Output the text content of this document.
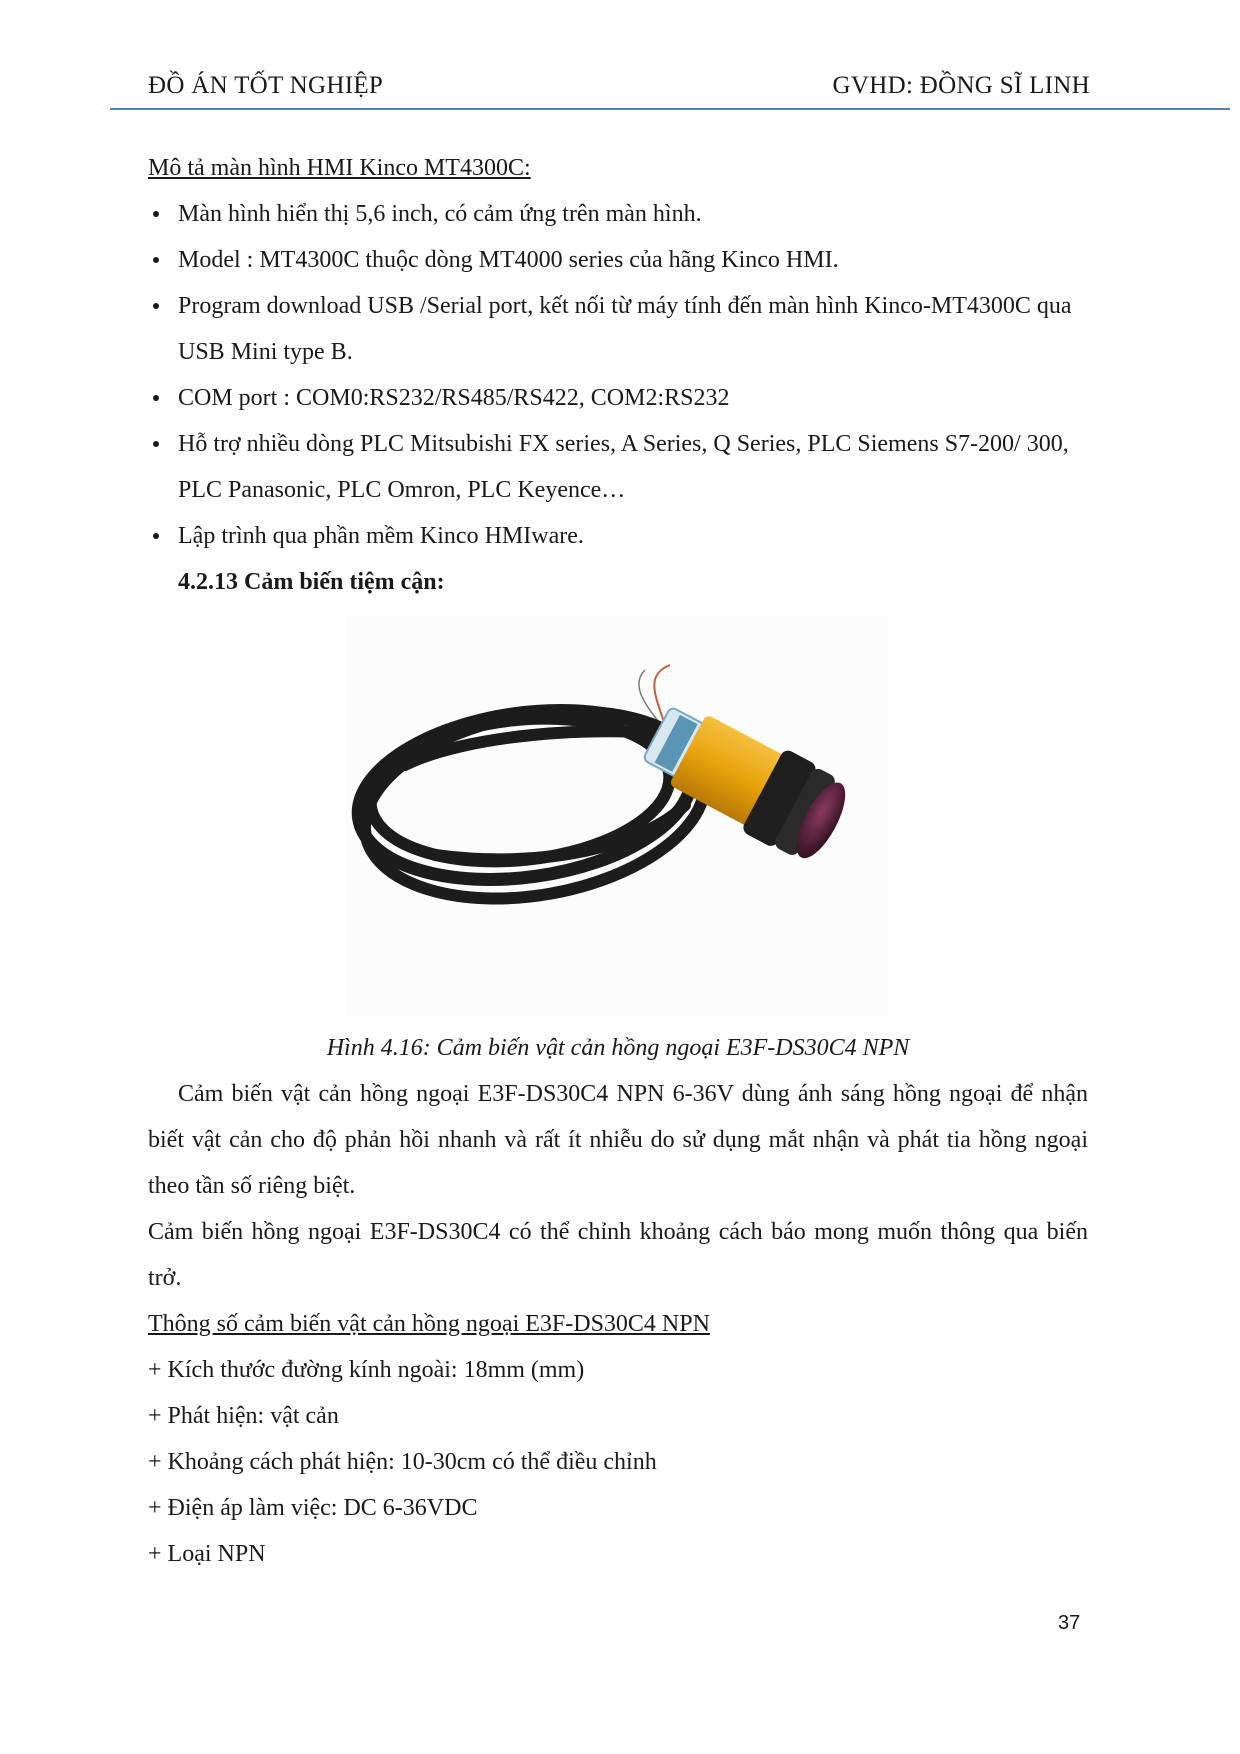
ĐỒ ÁN TỐT NGHIỆP	GVHD: ĐỒNG SĨ LINH
Mô tả màn hình HMI Kinco MT4300C:
Màn hình hiển thị 5,6 inch, có cảm ứng trên màn hình.
Model : MT4300C thuộc dòng MT4000 series của hãng Kinco HMI.
Program download USB /Serial port, kết nối từ máy tính đến màn hình Kinco-MT4300C qua USB Mini type B.
COM port : COM0:RS232/RS485/RS422, COM2:RS232
Hỗ trợ nhiều dòng PLC Mitsubishi FX series, A Series, Q Series, PLC Siemens S7-200/ 300, PLC Panasonic, PLC Omron, PLC Keyence…
Lập trình qua phần mềm Kinco HMIware.
4.2.13 Cảm biến tiệm cận:
Hình 4.16: Cảm biến vật cản hồng ngoại E3F-DS30C4 NPN
Cảm biến vật cản hồng ngoại E3F-DS30C4 NPN 6-36V dùng ánh sáng hồng ngoại để nhận biết vật cản cho độ phản hồi nhanh và rất ít nhiễu do sử dụng mắt nhận và phát tia hồng ngoại theo tần số riêng biệt.
Cảm biến hồng ngoại E3F-DS30C4 có thể chỉnh khoảng cách báo mong muốn thông qua biến trở.
Thông số cảm biến vật cản hồng ngoại E3F-DS30C4 NPN
+ Kích thước đường kính ngoài: 18mm (mm)
+ Phát hiện: vật cản
+ Khoảng cách phát hiện: 10-30cm có thể điều chỉnh
+ Điện áp làm việc: DC 6-36VDC
+ Loại NPN
37
